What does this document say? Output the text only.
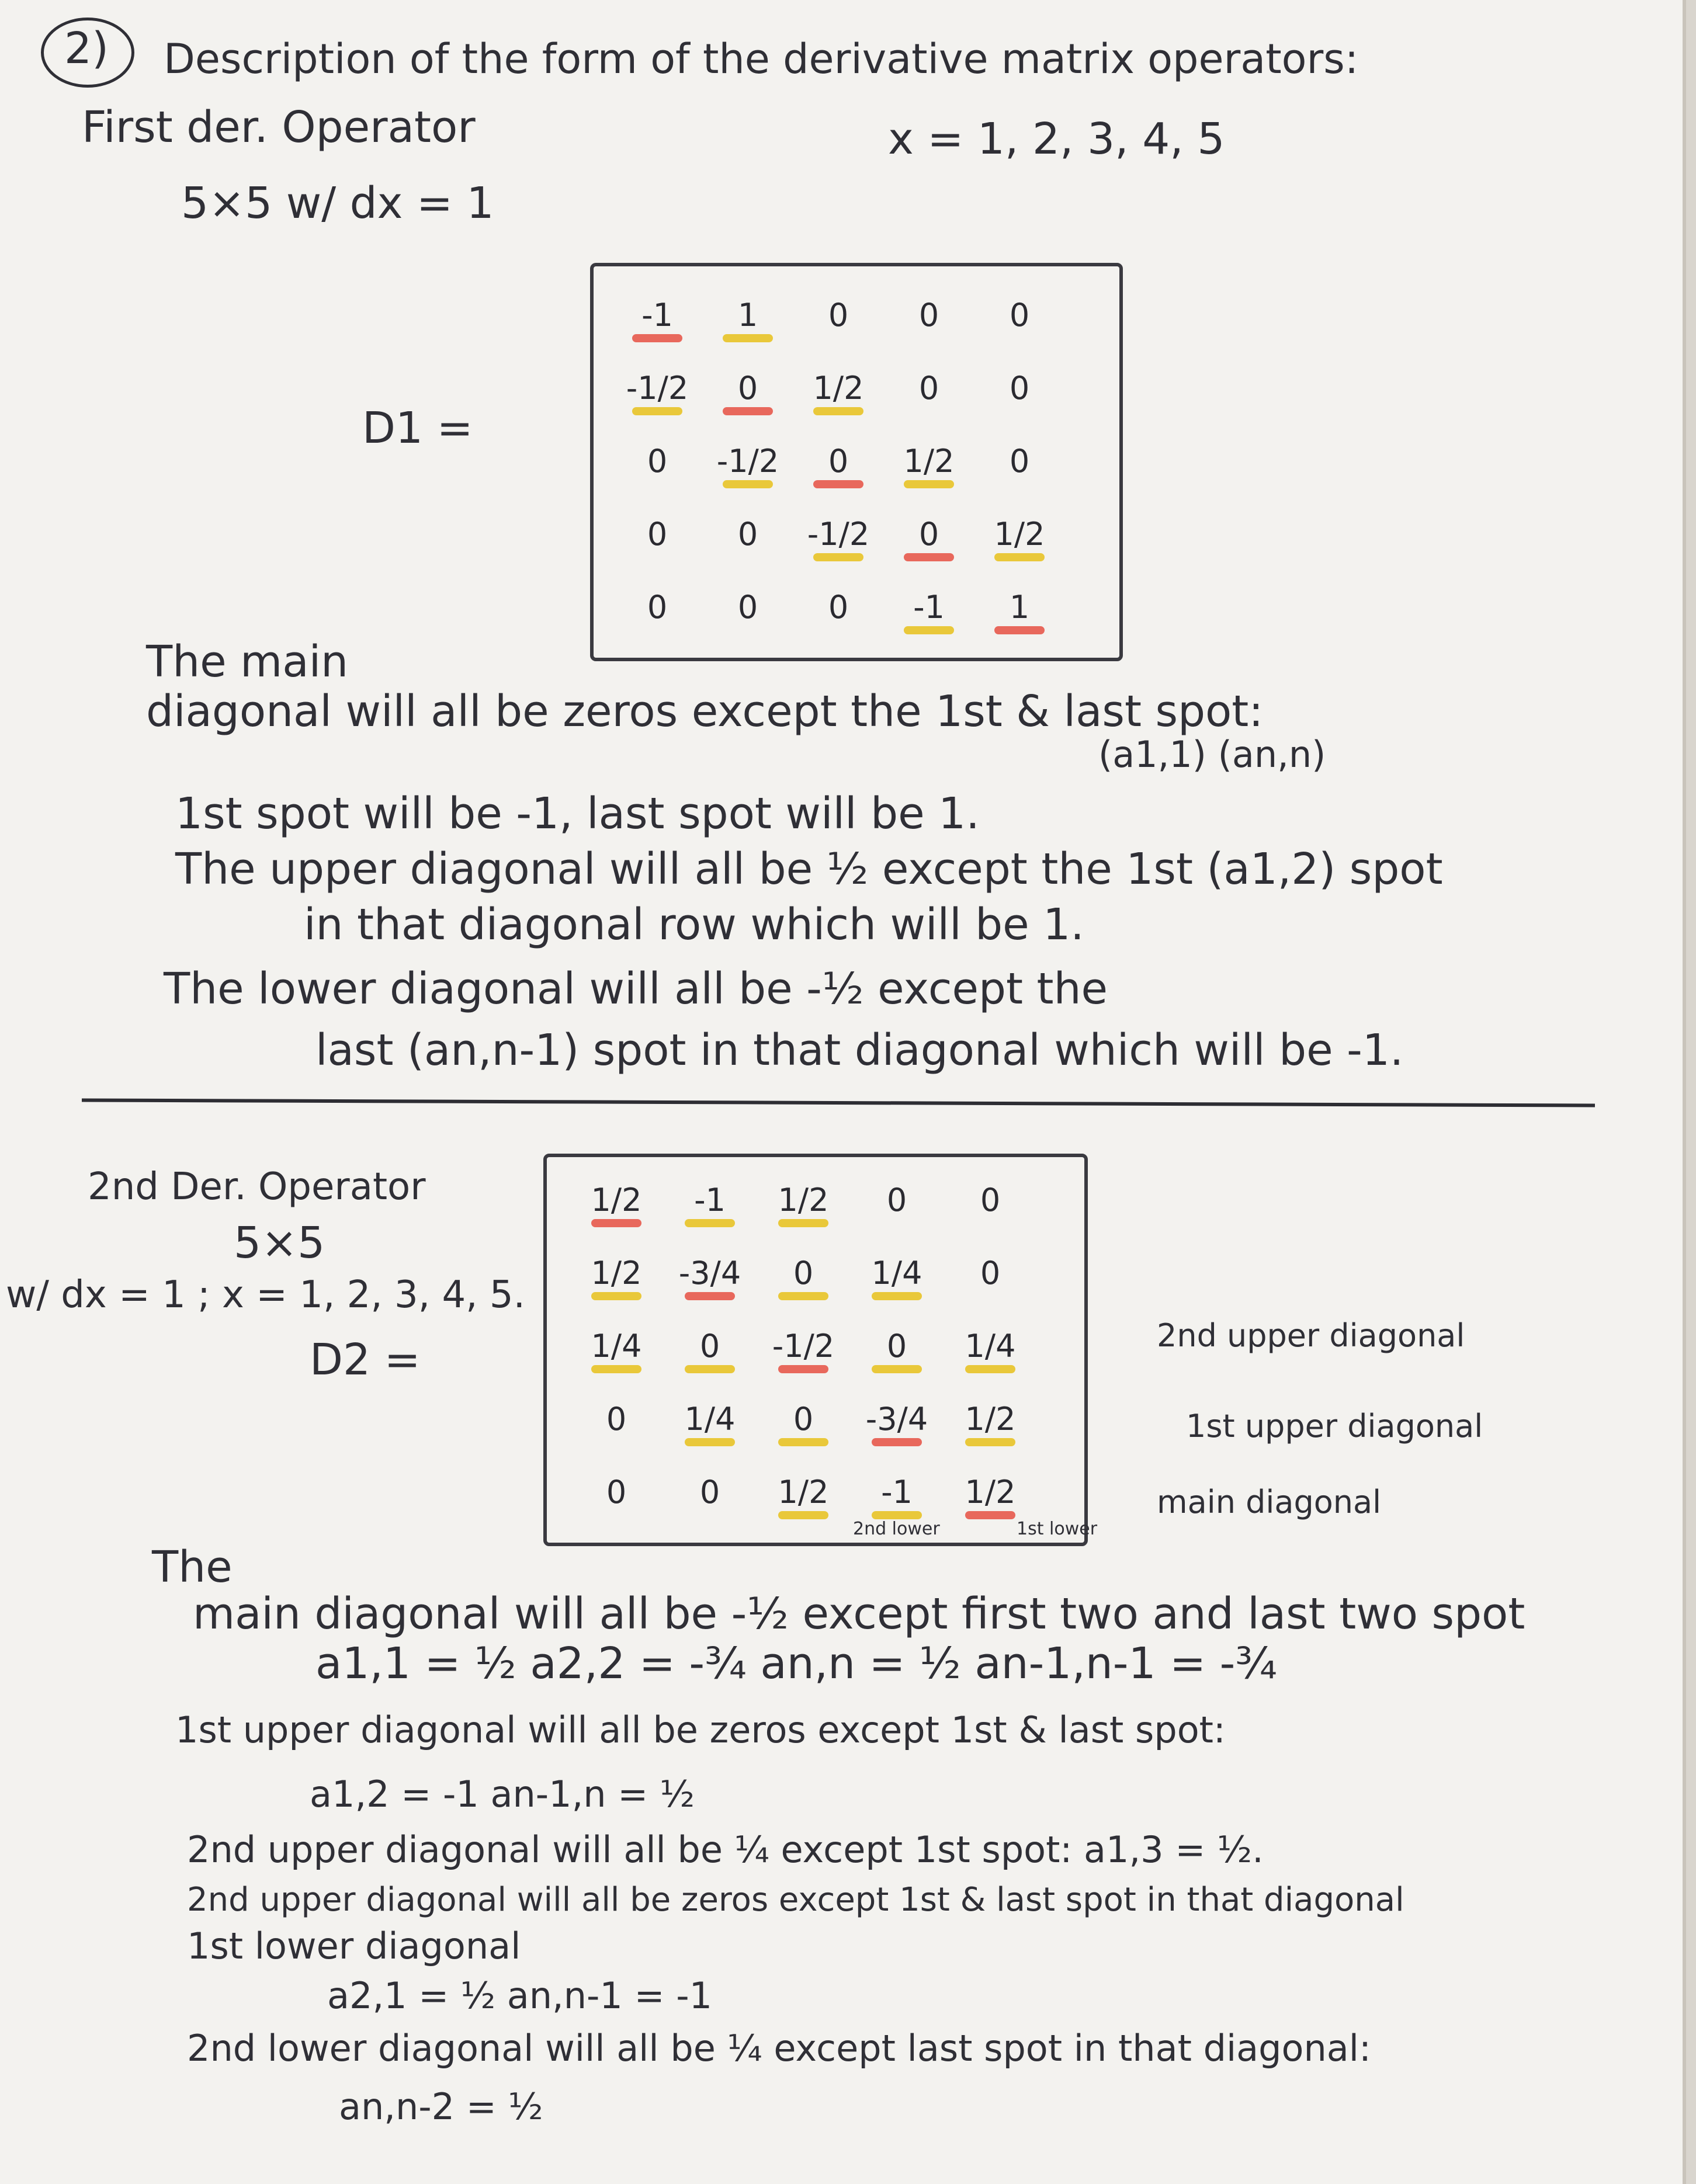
2) Description of the form of the derivative matrix operators:
First der. Operator	x = 1, 2, 3, 4, 5
5×5 w/ dx = 1
D1 =
-1	1	0	0	0
-1/2	0	1/2	0	0
0	-1/2	0	1/2	0
0	0	-1/2	0	1/2
0	0	0	-1	1
The main
diagonal will all be zeros except the 1st & last spot:
(a1,1) (an,n)
1st spot will be -1, last spot will be 1.
The upper diagonal will all be ½ except the 1st (a1,2) spot
in that diagonal row which will be 1.
The lower diagonal will all be -½ except the
last (an,n-1) spot in that diagonal which will be -1.
2nd Der. Operator
5×5
w/ dx = 1 ; x = 1, 2, 3, 4, 5.
D2 =
1/2	-1	1/2	0	0
1/2	-3/4	0	1/4	0
1/4	0	-1/2	0	1/4
0	1/4	0	-3/4	1/2
0	0	1/2	-1	1/2
2nd upper diagonal
1st upper diagonal
main diagonal
2nd lower	1st lower
The
main diagonal will all be -½ except first two and last two spot
a1,1 = ½ a2,2 = -¾ an,n = ½ an-1,n-1 = -¾
1st upper diagonal will all be zeros except 1st & last spot:
a1,2 = -1 an-1,n = ½
2nd upper diagonal will all be ¼ except 1st spot: a1,3 = ½.
2nd upper diagonal will all be zeros except 1st & last spot in that diagonal
1st lower diagonal
a2,1 = ½ an,n-1 = -1
2nd lower diagonal will all be ¼ except last spot in that diagonal:
an,n-2 = ½
